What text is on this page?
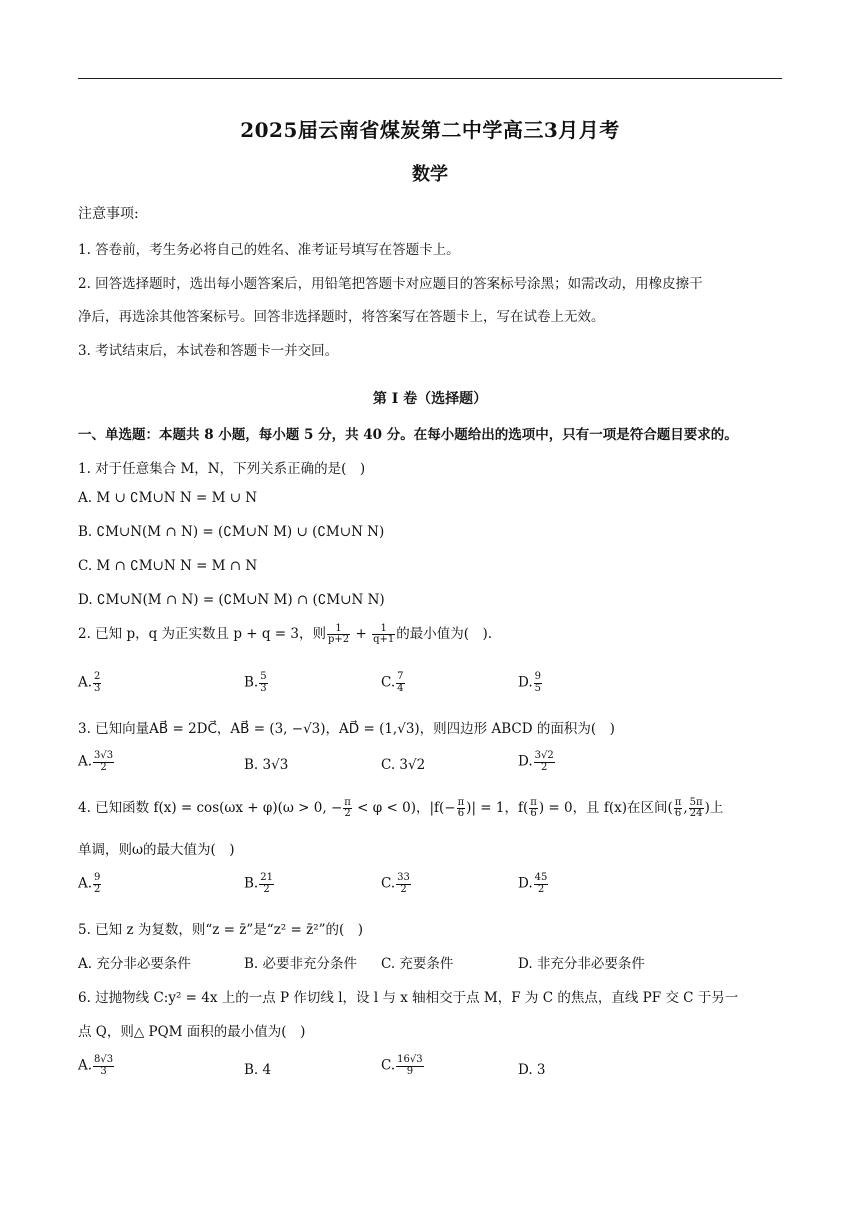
2025届云南省煤炭第二中学高三3月月考
数学
注意事项:
1. 答卷前，考生务必将自己的姓名、准考证号填写在答题卡上。
2. 回答选择题时，选出每小题答案后，用铅笔把答题卡对应题目的答案标号涂黑；如需改动，用橡皮擦干
净后，再选涂其他答案标号。回答非选择题时，将答案写在答题卡上，写在试卷上无效。
3. 考试结束后，本试卷和答题卡一并交回。
第 I 卷（选择题）
一、单选题：本题共 8 小题，每小题 5 分，共 40 分。在每小题给出的选项中，只有一项是符合题目要求的。
1. 对于任意集合 M，N，下列关系正确的是(　)
A. M ∪ ∁M∪N N = M ∪ N
B. ∁M∪N(M ∩ N) = (∁M∪N M) ∪ (∁M∪N N)
C. M ∩ ∁M∪N N = M ∩ N
D. ∁M∪N(M ∩ N) = (∁M∪N M) ∩ (∁M∪N N)
2. 已知 p，q 为正实数且 p + q = 3，则 $\frac{1}{p+2} + \frac{1}{q+1}$ 的最小值为(　).
A. $\frac{2}{3}$	B. $\frac{5}{3}$	C. $\frac{7}{4}$	D. $\frac{9}{5}$
3. 已知向量AB⃗ = 2DC⃗，AB⃗ = (3, −√3)，AD⃗ = (1,√3)，则四边形 ABCD 的面积为(　)
A. $\frac{3√3}{2}$	B. 3√3	C. 3√2	D. $\frac{3√2}{2}$
4. 已知函数 f(x) = cos(ωx + φ)(ω > 0, − $\frac{\pi}{2} < \varphi < 0$)，$|f(- \frac{\pi}{6}$ )| = 1，$f( \frac{\pi}{6}$ ) = 0，且 f(x)在区间( $\frac{\pi}{6}$ , $\frac{5\pi}{24}$ )上
单调，则ω的最大值为(　)
A. $\frac{9}{2}$	B. $\frac{21}{2}$	C. $\frac{33}{2}$	D. $\frac{45}{2}$
5. 已知 z 为复数，则“z = z̄”是“z² = z̄²”的(　)
A. 充分非必要条件	B. 必要非充分条件 C. 充要条件	D. 非充分非必要条件
6. 过抛物线 C:y² = 4x 上的一点 P 作切线 l，设 l 与 x 轴相交于点 M，F 为 C 的焦点，直线 PF 交 C 于另一
点 Q，则△ PQM 面积的最小值为(　)
A. $\frac{8√3}{3}$	B. 4	C. $\frac{16√3}{9}$	D. 3
